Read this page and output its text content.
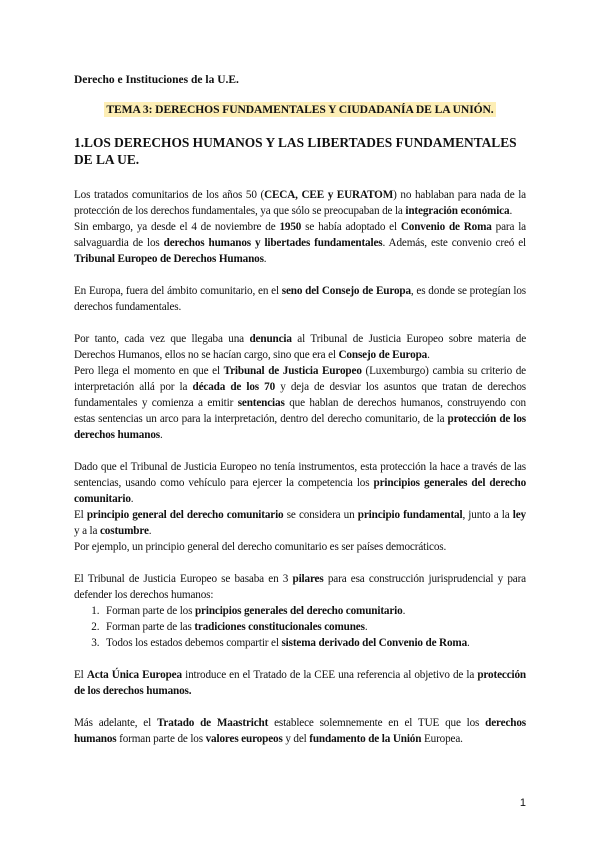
Derecho e Instituciones de la U.E.
TEMA 3: DERECHOS FUNDAMENTALES Y CIUDADANÍA DE LA UNIÓN.
1.LOS DERECHOS HUMANOS Y LAS LIBERTADES FUNDAMENTALES DE LA UE.

Los tratados comunitarios de los años 50 (CECA, CEE y EURATOM) no hablaban para nada de la protección de los derechos fundamentales, ya que sólo se preocupaban de la integración económica.

Sin embargo, ya desde el 4 de noviembre de 1950 se había adoptado el Convenio de Roma para la salvaguardia de los derechos humanos y libertades fundamentales. Además, este convenio creó el Tribunal Europeo de Derechos Humanos.

En Europa, fuera del ámbito comunitario, en el seno del Consejo de Europa, es donde se protegían los derechos fundamentales.

Por tanto, cada vez que llegaba una denuncia al Tribunal de Justicia Europeo sobre materia de Derechos Humanos, ellos no se hacían cargo, sino que era el Consejo de Europa.

Pero llega el momento en que el Tribunal de Justicia Europeo (Luxemburgo) cambia su criterio de interpretación allá por la década de los 70 y deja de desviar los asuntos que tratan de derechos fundamentales y comienza a emitir sentencias que hablan de derechos humanos, construyendo con estas sentencias un arco para la interpretación, dentro del derecho comunitario, de la protección de los derechos humanos.

Dado que el Tribunal de Justicia Europeo no tenía instrumentos, esta protección la hace a través de las sentencias, usando como vehículo para ejercer la competencia los principios generales del derecho comunitario.

El principio general del derecho comunitario se considera un principio fundamental, junto a la ley y a la costumbre.

Por ejemplo, un principio general del derecho comunitario es ser países democráticos.

El Tribunal de Justicia Europeo se basaba en 3 pilares para esa construcción jurisprudencial y para defender los derechos humanos:

1. Forman parte de los principios generales del derecho comunitario.
2. Forman parte de las tradiciones constitucionales comunes.
3. Todos los estados debemos compartir el sistema derivado del Convenio de Roma.

El Acta Única Europea introduce en el Tratado de la CEE una referencia al objetivo de la protección de los derechos humanos.

Más adelante, el Tratado de Maastricht establece solemnemente en el TUE que los derechos humanos forman parte de los valores europeos y del fundamento de la Unión Europea.

1
